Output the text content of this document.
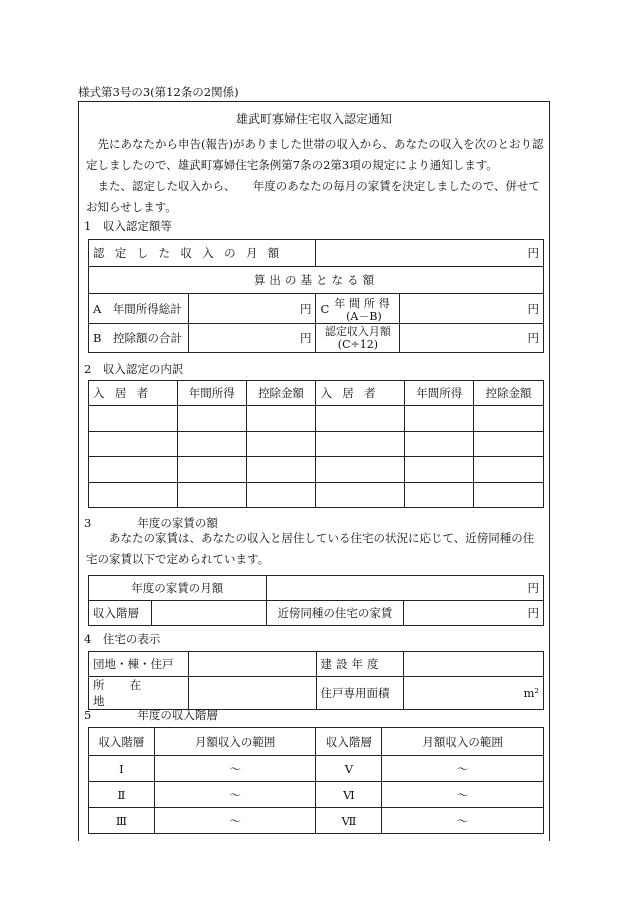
様式第3号の3(第12条の2関係)
雄武町寡婦住宅収入認定通知

先にあなたから申告(報告)がありました世帯の収入から、あなたの収入を次のとおり認定しましたので、雄武町寡婦住宅条例第7条の2第3項の規定により通知します。

また、認定した収入から、　　年度のあなたの毎月の家賃を決定しましたので、併せてお知らせします。

1　収入認定額等
認定した収入の月額		円	
算出の基となる額			
A　年間所得総計	円	C 年間所得
(A－B)	円
B　控除額の合計	円	認定収入月額
(C÷12)	円
2　収入認定の内訳
入居者	年間所得	控除金額	入居者	年間所得	控除金額

3　　　　年度の家賃の額

あなたの家賃は、あなたの収入と居住している住宅の状況に応じて、近傍同種の住宅の家賃以下で定められています。

年度の家賃の月額		円	
収入階層		近傍同種の住宅の家賃	円
4　住宅の表示
団地・棟・住戸		建設年度	
所在地		住戸専用面積	m²
5　　　　年度の収入階層
収入階層	月額収入の範囲	収入階層	月額収入の範囲
Ⅰ	～	Ⅴ	～
Ⅱ	～	Ⅵ	～
Ⅲ	～	Ⅶ	～
